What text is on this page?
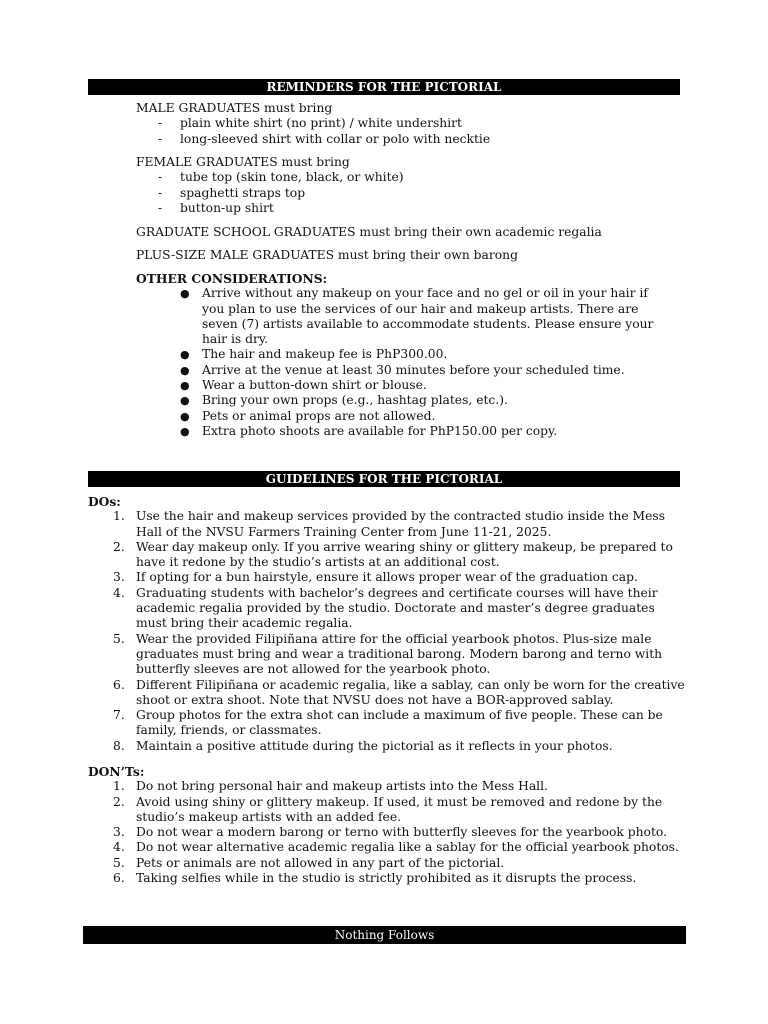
REMINDERS FOR THE PICTORIAL
MALE GRADUATES must bring
- plain white shirt (no print) / white undershirt
- long-sleeved shirt with collar or polo with necktie
FEMALE GRADUATES must bring
- tube top (skin tone, black, or white)
- spaghetti straps top
- button-up shirt
GRADUATE SCHOOL GRADUATES must bring their own academic regalia
PLUS-SIZE MALE GRADUATES must bring their own barong
OTHER CONSIDERATIONS:
● Arrive without any makeup on your face and no gel or oil in your hair if you plan to use the services of our hair and makeup artists. There are seven (7) artists available to accommodate students. Please ensure your hair is dry.
● The hair and makeup fee is PhP300.00.
● Arrive at the venue at least 30 minutes before your scheduled time.
● Wear a button-down shirt or blouse.
● Bring your own props (e.g., hashtag plates, etc.).
● Pets or animal props are not allowed.
● Extra photo shoots are available for PhP150.00 per copy.
GUIDELINES FOR THE PICTORIAL
DOs:
1. Use the hair and makeup services provided by the contracted studio inside the Mess Hall of the NVSU Farmers Training Center from June 11-21, 2025.
2. Wear day makeup only. If you arrive wearing shiny or glittery makeup, be prepared to have it redone by the studio’s artists at an additional cost.
3. If opting for a bun hairstyle, ensure it allows proper wear of the graduation cap.
4. Graduating students with bachelor’s degrees and certificate courses will have their academic regalia provided by the studio. Doctorate and master’s degree graduates must bring their academic regalia.
5. Wear the provided Filipiñana attire for the official yearbook photos. Plus-size male graduates must bring and wear a traditional barong. Modern barong and terno with butterfly sleeves are not allowed for the yearbook photo.
6. Different Filipiñana or academic regalia, like a sablay, can only be worn for the creative shoot or extra shoot. Note that NVSU does not have a BOR-approved sablay.
7. Group photos for the extra shot can include a maximum of five people. These can be family, friends, or classmates.
8. Maintain a positive attitude during the pictorial as it reflects in your photos.
DON’Ts:
1. Do not bring personal hair and makeup artists into the Mess Hall.
2. Avoid using shiny or glittery makeup. If used, it must be removed and redone by the studio’s makeup artists with an added fee.
3. Do not wear a modern barong or terno with butterfly sleeves for the yearbook photo.
4. Do not wear alternative academic regalia like a sablay for the official yearbook photos.
5. Pets or animals are not allowed in any part of the pictorial.
6. Taking selfies while in the studio is strictly prohibited as it disrupts the process.
Nothing Follows
